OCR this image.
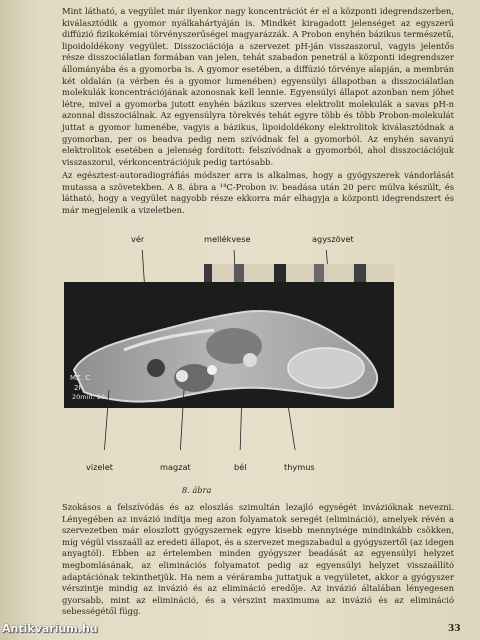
Mint látható, a vegyület már ilyenkor nagy koncentrációt ér el a központi idegrendszerben, kiválasztódik a gyomor nyálkahártyáján is. Mindkét kiragadott jelenséget az egyszerű diffúzió fizikokémiai törvényszerűségei magyarázzák. A Probon enyhén bázikus természetű, lipoidoldékony vegyület. Disszociációja a szervezet pH-ján visszaszorul, vagyis jelentős része disszociálatlan formában van jelen, tehát szabadon penetrál a központi idegrendszer állományába és a gyomorba is. A gyomor esetében, a diffúzió törvénye alapján, a membrán két oldalán (a vérben és a gyomor lumenében) egyensúlyi állapotban a disszociálatlan molekulák koncentrációjának azonosnak kell lennie. Egyensúlyi állapot azonban nem jöhet létre, mivel a gyomorba jutott enyhén bázikus szerves elektrolit molekulák a savas pH-n azonnal disszociálnak. Az egyensúlyra törekvés tehát egyre több és több Probon-molekulát juttat a gyomor lumenébe, vagyis a bázikus, lipoidoldékony elektrolitok kiválasztódnak a gyomorban, per os beadva pedig nem szívódnak fel a gyomorból. Az enyhén savanyú elektrolitok esetében a jelenség fordított: felszívódnak a gyomorból, ahol disszociációjuk visszaszorul, vérkoncentrációjuk pedig tartósabb.

Az egésztest-autoradiográfiás módszer arra is alkalmas, hogy a gyógyszerek vándorlását mutassa a szövetekben. A 8. ábra a ¹⁴C-Probon iv. beadása után 20 perc múlva készült, és látható, hogy a vegyület nagyobb része ekkorra már elhagyja a központi idegrendszert és már megjelenik a vizeletben.

vér	mellékvese	agyszövet
MZ. C
2P.
20min. 10
vizelet	magzat	bél	thymus
8. ábra

Szokásos a felszívódás és az eloszlás szimultán lezajló egységét invázióknak nevezni. Lényegében az invázió indítja meg azon folyamatok seregét (elimináció), amelyek révén a szervezetben már eloszlott gyógyszernek egyre kisebb mennyisége mindinkább csökken, míg végül visszaáll az eredeti állapot, és a szervezet megszabadul a gyógyszertől (az idegen anyagtól). Ebben az értelemben minden gyógyszer beadását az egyensúlyi helyzet megbomlásának, az eliminációs folyamatot pedig az egyensúlyi helyzet visszaállító adaptációnak tekinthetjük. Ha nem a véráramba juttatjuk a vegyületet, akkor a gyógyszer vérszintje mindig az invázió és az elimináció eredője. Az invázió általában lényegesen gyorsabb, mint az elimináció, és a vérszint maximuma az invázió és az elimináció sebességétől függ.

33
Antikvarium.hu
